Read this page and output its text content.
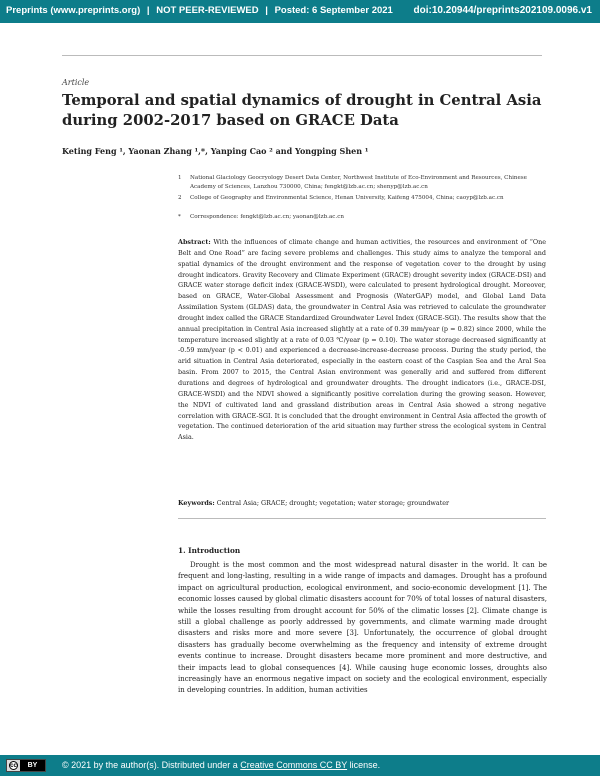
Preprints (www.preprints.org) | NOT PEER-REVIEWED | Posted: 6 September 2021 doi:10.20944/preprints202109.0096.v1
Article
Temporal and spatial dynamics of drought in Central Asia during 2002-2017 based on GRACE Data
Keting Feng ¹, Yaonan Zhang ¹,*, Yanping Cao ² and Yongping Shen ¹
1 National Glaciology Geocryology Desert Data Center, Northwest Institute of Eco-Environment and Resources, Chinese Academy of Sciences, Lanzhou 730000, China; fengkt@lzb.ac.cn; shenyp@lzb.ac.cn
2 College of Geography and Environmental Science, Henan University, Kaifeng 475004, China; caoyp@lzb.ac.cn
* Correspondence: fengkt@lzb.ac.cn; yaonan@lzb.ac.cn
Abstract: With the influences of climate change and human activities, the resources and environment of “One Belt and One Road” are facing severe problems and challenges. This study aims to analyze the temporal and spatial dynamics of the drought environment and the response of vegetation cover to the drought by using drought indicators. Gravity Recovery and Climate Experiment (GRACE) drought severity index (GRACE-DSI) and GRACE water storage deficit index (GRACE-WSDI), were calculated to present hydrological drought. Moreover, based on GRACE, Water-Global Assessment and Prognosis (WaterGAP) model, and Global Land Data Assimilation System (GLDAS) data, the groundwater in Central Asia was retrieved to calculate the groundwater drought index called the GRACE Standardized Groundwater Level Index (GRACE-SGI). The results show that the annual precipitation in Central Asia increased slightly at a rate of 0.39 mm/year (p = 0.82) since 2000, while the temperature increased slightly at a rate of 0.03 ℃/year (p = 0.10). The water storage decreased significantly at -0.59 mm/year (p < 0.01) and experienced a decrease-increase-decrease process. During the study period, the arid situation in Central Asia deteriorated, especially in the eastern coast of the Caspian Sea and the Aral Sea basin. From 2007 to 2015, the Central Asian environment was generally arid and suffered from different durations and degrees of hydrological and groundwater droughts. The drought indicators (i.e., GRACE-DSI, GRACE-WSDI) and the NDVI showed a significantly positive correlation during the growing season. However, the NDVI of cultivated land and grassland distribution areas in Central Asia showed a strong negative correlation with GRACE-SGI. It is concluded that the drought environment in Central Asia affected the growth of vegetation. The continued deterioration of the arid situation may further stress the ecological system in Central Asia.
Keywords: Central Asia; GRACE; drought; vegetation; water storage; groundwater
1. Introduction
Drought is the most common and the most widespread natural disaster in the world. It can be frequent and long-lasting, resulting in a wide range of impacts and damages. Drought has a profound impact on agricultural production, ecological environment, and socio-economic development [1]. The economic losses caused by global climatic disasters account for 70% of total losses of natural disasters, while the losses resulting from drought account for 50% of the climatic losses [2]. Climate change is still a global challenge as poorly addressed by governments, and climate warming made drought disasters and risks more and more severe [3]. Unfortunately, the occurrence of global drought disasters has gradually become overwhelming as the frequency and intensity of extreme drought events continue to increase. Drought disasters became more prominent and more destructive, and their impacts lead to global consequences [4]. While causing huge economic losses, droughts also increasingly have an enormous negative impact on society and the ecological environment, especially in developing countries. In addition, human activities
cc	BY	© 2021 by the author(s). Distributed under a Creative Commons CC BY license.
